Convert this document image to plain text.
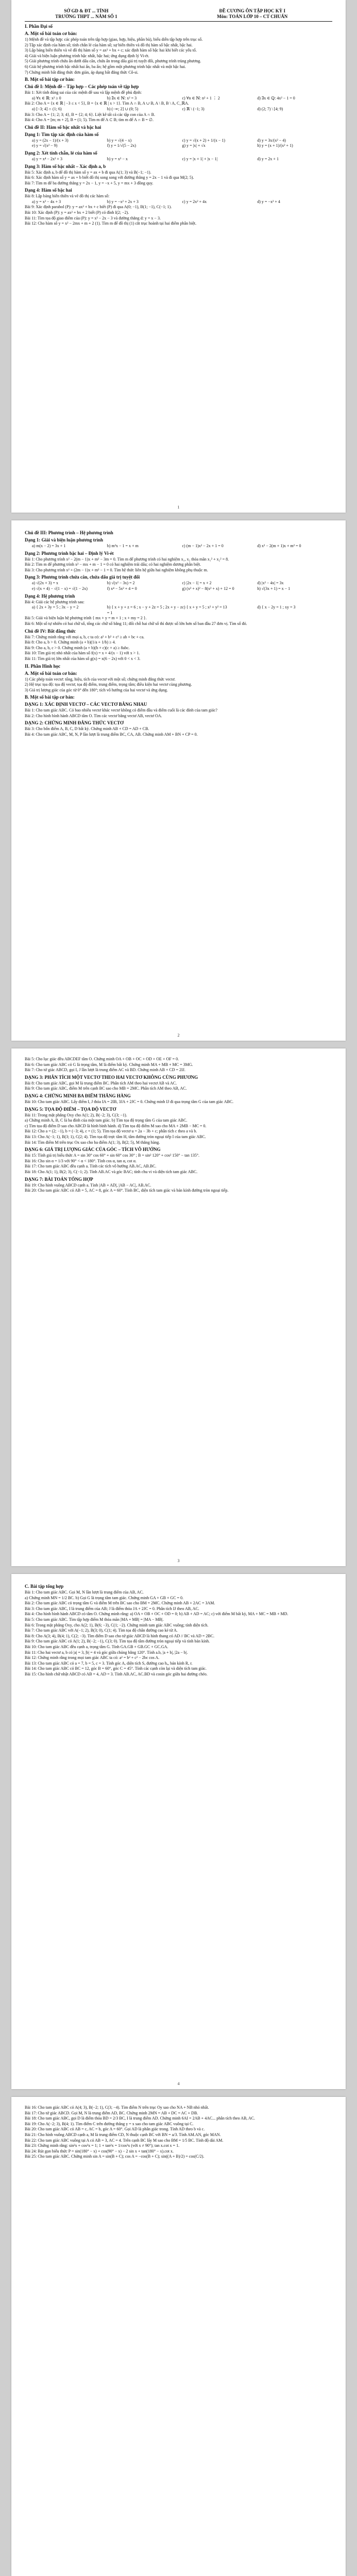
SỞ GD & ĐT ... TỈNH
TRƯỜNG THPT ... NĂM SỐ 1
ĐỀ CƯƠNG ÔN TẬP HỌC KỲ I
Môn: TOÁN LỚP 10 – CT CHUẨN
I. Phần Đại số
A. Một số bài toán cơ bản:

1) Mệnh đề và tập hợp: các phép toán trên tập hợp (giao, hợp, hiệu, phần bù), biểu diễn tập hợp trên trục số.

2) Tập xác định của hàm số; tính chẵn lẻ của hàm số; sự biến thiên và đồ thị hàm số bậc nhất, bậc hai.

3) Lập bảng biến thiên và vẽ đồ thị hàm số y = ax² + bx + c; xác định hàm số bậc hai khi biết các yếu tố.

4) Giải và biện luận phương trình bậc nhất, bậc hai; ứng dụng định lý Vi-ét.

5) Giải phương trình chứa ẩn dưới dấu căn, chứa ẩn trong dấu giá trị tuyệt đối, phương trình trùng phương.

6) Giải hệ phương trình bậc nhất hai ẩn, ba ẩn; hệ gồm một phương trình bậc nhất và một bậc hai.

7) Chứng minh bất đẳng thức đơn giản, áp dụng bất đẳng thức Cô-si.

B. Một số bài tập cơ bản:
Chủ đề I: Mệnh đề – Tập hợp – Các phép toán về tập hợp

Bài 1: Xét tính đúng sai của các mệnh đề sau và lập mệnh đề phủ định:

a) ∀x ∈ ℝ: x² ≥ 0	b) ∃x ∈ ℕ: x² = 3	c) ∀n ∈ ℕ: n² + 1 ⋮ 2	d) ∃x ∈ ℚ: 4x² − 1 = 0

Bài 2: Cho A = {x ∈ ℝ | −3 ≤ x < 5}, B = {x ∈ ℝ | x > 1}. Tìm A ∩ B, A ∪ B, A \ B, B \ A, C_ℝA.

a) [−3; 4] ∩ (1; 6)	b) (−∞; 2] ∪ (0; 5)	c) ℝ \ (−1; 3)	d) (2; 7) \ [4; 9)

Bài 3: Cho A = {1; 2; 3; 4}, B = {2; 4; 6}. Liệt kê tất cả các tập con của A ∩ B.

Bài 4: Cho A = [m; m + 2], B = (1; 5). Tìm m để A ⊂ B; tìm m để A ∩ B = ∅.

Chủ đề II: Hàm số bậc nhất và bậc hai
Dạng 1: Tìm tập xác định của hàm số
a) y = (2x − 1)/(x + 3)	b) y = √(4 − x)	c) y = √(x + 2) + 1/(x − 1)	d) y = 3x/(x² − 4)
e) y = √(x² − 9)	f) y = 1/√(5 − 2x)	g) y = |x| + √x	h) y = (x + 1)/(x² + 1)
Dạng 2: Xét tính chẵn, lẻ của hàm số
a) y = x⁴ − 2x² + 3	b) y = x³ − x	c) y = |x + 1| + |x − 1|	d) y = 2x + 1
Dạng 3: Hàm số bậc nhất – Xác định a, b

Bài 5: Xác định a, b để đồ thị hàm số y = ax + b đi qua A(1; 3) và B(−1; −1).

Bài 6: Xác định hàm số y = ax + b biết đồ thị song song với đường thẳng y = 2x − 1 và đi qua M(2; 5).

Bài 7: Tìm m để ba đường thẳng y = 2x − 1, y = −x + 5, y = mx + 3 đồng quy.

Dạng 4: Hàm số bậc hai

Bài 8: Lập bảng biến thiên và vẽ đồ thị các hàm số:

a) y = x² − 4x + 3	b) y = −x² + 2x + 3	c) y = 2x² + 4x	d) y = −x² + 4

Bài 9: Xác định parabol (P): y = ax² + bx + c biết (P) đi qua A(0; −1), B(1; −1), C(−1; 1).

Bài 10: Xác định (P): y = ax² + bx + 2 biết (P) có đỉnh I(2; −2).

Bài 11: Tìm tọa độ giao điểm của (P): y = x² − 2x − 3 và đường thẳng d: y = x − 3.

Bài 12: Cho hàm số y = x² − 2mx + m + 2 (1). Tìm m để đồ thị (1) cắt trục hoành tại hai điểm phân biệt.

1
Chủ đề III: Phương trình – Hệ phương trình
Dạng 1: Giải và biện luận phương trình
a) m(x − 2) = 3x + 1	b) m²x − 1 = x + m	c) (m − 1)x² − 2x + 1 = 0	d) x² − 2(m + 1)x + m² = 0
Dạng 2: Phương trình bậc hai – Định lý Vi-ét

Bài 1: Cho phương trình x² − 2(m − 1)x + m² − 3m = 0. Tìm m để phương trình có hai nghiệm x₁, x₂ thỏa mãn x₁² + x₂² = 8.

Bài 2: Tìm m để phương trình x² − mx + m − 1 = 0 có hai nghiệm trái dấu; có hai nghiệm dương phân biệt.

Bài 3: Cho phương trình x² + (2m − 1)x + m² − 1 = 0. Tìm hệ thức liên hệ giữa hai nghiệm không phụ thuộc m.

Dạng 3: Phương trình chứa căn, chứa dấu giá trị tuyệt đối
a) √(2x + 3) = x	b) √(x² − 3x) = 2	c) |2x − 1| = x + 2	d) |x² − 4x| = 3x
e) √(x + 4) − √(1 − x) = √(1 − 2x)	f) x⁴ − 5x² + 4 = 0	g) (x² + x)² − 8(x² + x) + 12 = 0	h) √(3x + 1) = x − 1
Dạng 4: Hệ phương trình

Bài 4: Giải các hệ phương trình sau:

a) { 2x + 3y = 5 ; 3x − y = 2	b) { x + y + z = 6 ; x − y + 2z = 5 ; 2x + y − z = 1
c) { x + y = 5 ; x² + y² = 13	d) { x − 2y = 1 ; xy = 3

Bài 5: Giải và biện luận hệ phương trình { mx + y = m + 1 ; x + my = 2 }.

Bài 6: Một số tự nhiên có hai chữ số, tổng các chữ số bằng 11; đổi chỗ hai chữ số thì được số lớn hơn số ban đầu 27 đơn vị. Tìm số đó.

Chủ đề IV: Bất đẳng thức

Bài 7: Chứng minh rằng với mọi a, b, c ta có: a² + b² + c² ≥ ab + bc + ca.

Bài 8: Cho a, b > 0. Chứng minh (a + b)(1/a + 1/b) ≥ 4.

Bài 9: Cho a, b, c > 0. Chứng minh (a + b)(b + c)(c + a) ≥ 8abc.

Bài 10: Tìm giá trị nhỏ nhất của hàm số f(x) = x + 4/(x − 1) với x > 1.

Bài 11: Tìm giá trị lớn nhất của hàm số g(x) = x(6 − 2x) với 0 < x < 3.

II. Phần Hình học
A. Một số bài toán cơ bản:

1) Các phép toán vectơ: tổng, hiệu, tích của vectơ với một số; chứng minh đẳng thức vectơ.

2) Hệ trục tọa độ: tọa độ vectơ, tọa độ điểm, trung điểm, trọng tâm; điều kiện hai vectơ cùng phương.

3) Giá trị lượng giác của góc từ 0° đến 180°; tích vô hướng của hai vectơ và ứng dụng.

B. Một số bài tập cơ bản:
DẠNG 1: XÁC ĐỊNH VECTƠ – CÁC VECTƠ BẰNG NHAU

Bài 1: Cho tam giác ABC. Có bao nhiêu vectơ khác vectơ không có điểm đầu và điểm cuối là các đỉnh của tam giác?

Bài 2: Cho hình bình hành ABCD tâm O. Tìm các vectơ bằng vectơ AB, vectơ OA.

DẠNG 2: CHỨNG MINH ĐẲNG THỨC VECTƠ

Bài 3: Cho bốn điểm A, B, C, D bất kỳ. Chứng minh AB + CD = AD + CB.

Bài 4: Cho tam giác ABC, M, N, P lần lượt là trung điểm BC, CA, AB. Chứng minh AM + BN + CP = 0.

2

Bài 5: Cho lục giác đều ABCDEF tâm O. Chứng minh OA + OB + OC + OD + OE + OF = 0.

Bài 6: Cho tam giác ABC có G là trọng tâm, M là điểm bất kỳ. Chứng minh MA + MB + MC = 3MG.

Bài 7: Cho tứ giác ABCD, gọi I, J lần lượt là trung điểm AC và BD. Chứng minh AB + CD = 2IJ.

DẠNG 3: PHÂN TÍCH MỘT VECTƠ THEO HAI VECTƠ KHÔNG CÙNG PHƯƠNG

Bài 8: Cho tam giác ABC, gọi M là trung điểm BC. Phân tích AM theo hai vectơ AB và AC.

Bài 9: Cho tam giác ABC, điểm M trên cạnh BC sao cho MB = 2MC. Phân tích AM theo AB, AC.

DẠNG 4: CHỨNG MINH BA ĐIỂM THẲNG HÀNG

Bài 10: Cho tam giác ABC. Lấy điểm I, J thỏa IA = 2IB, 3JA + 2JC = 0. Chứng minh IJ đi qua trọng tâm G của tam giác ABC.

DẠNG 5: TỌA ĐỘ ĐIỂM – TỌA ĐỘ VECTƠ

Bài 11: Trong mặt phẳng Oxy cho A(1; 2), B(−2; 3), C(3; −1).

a) Chứng minh A, B, C là ba đỉnh của một tam giác. b) Tìm tọa độ trọng tâm G của tam giác ABC.

c) Tìm tọa độ điểm D sao cho ABCD là hình bình hành. d) Tìm tọa độ điểm M sao cho MA + 2MB − MC = 0.

Bài 12: Cho a = (2; −1), b = (−3; 4), c = (1; 5). Tìm tọa độ vectơ u = 2a − 3b + c; phân tích c theo a và b.

Bài 13: Cho A(−1; 1), B(3; 1), C(2; 4). Tìm tọa độ trực tâm H, tâm đường tròn ngoại tiếp I của tam giác ABC.

Bài 14: Tìm điểm M trên trục Ox sao cho ba điểm A(1; 3), B(2; 5), M thẳng hàng.

DẠNG 6: GIÁ TRỊ LƯỢNG GIÁC CỦA GÓC – TÍCH VÔ HƯỚNG

Bài 15: Tính giá trị biểu thức A = sin 30° cos 60° + sin 60° cos 30° ; B = sin² 120° + cos² 150° − tan 135°.

Bài 16: Cho sin α = 1/3 với 90° < α < 180°. Tính cos α, tan α, cot α.

Bài 17: Cho tam giác ABC đều cạnh a. Tính các tích vô hướng AB.AC, AB.BC.

Bài 18: Cho A(1; 1), B(2; 3), C(−1; 2). Tính AB.AC và góc BAC; tính chu vi và diện tích tam giác ABC.

DẠNG 7: BÀI TOÁN TỔNG HỢP

Bài 19: Cho hình vuông ABCD cạnh a. Tính |AB + AD|, |AB − AC|, AB.AC.

Bài 20: Cho tam giác ABC có AB = 5, AC = 8, góc A = 60°. Tính BC, diện tích tam giác và bán kính đường tròn ngoại tiếp.

3
C. Bài tập tổng hợp

Bài 1: Cho tam giác ABC. Gọi M, N lần lượt là trung điểm của AB, AC.

a) Chứng minh MN = 1/2 BC. b) Gọi G là trọng tâm tam giác. Chứng minh GA + GB + GC = 0.

Bài 2: Cho tam giác ABC có trọng tâm G và điểm M trên BC sao cho BM = 2MC. Chứng minh AB + 2AC = 3AM.

Bài 3: Cho tam giác ABC, I là trung điểm của AB; J là điểm thỏa JA + 2JC = 0. Phân tích IJ theo AB, AC.

Bài 4: Cho hình bình hành ABCD có tâm O. Chứng minh rằng: a) OA + OB + OC + OD = 0; b) AB + AD = AC; c) với điểm M bất kỳ, MA + MC = MB + MD.

Bài 5: Cho tam giác ABC. Tìm tập hợp điểm M thỏa mãn |MA + MB| = |MA − MB|.

Bài 6: Trong mặt phẳng Oxy, cho A(2; 1), B(6; −3), C(1; −2). Chứng minh tam giác ABC vuông; tính diện tích.

Bài 7: Cho tam giác ABC với A(−1; 2), B(3; 0), C(1; 4). Tìm tọa độ chân đường cao kẻ từ A.

Bài 8: Cho A(3; 4), B(4; 1), C(2; −3). Tìm điểm D sao cho tứ giác ABCD là hình thang có AD // BC và AD = 2BC.

Bài 9: Cho tam giác ABC có A(1; 2), B(−2; −1), C(3; 0). Tìm tọa độ tâm đường tròn ngoại tiếp và tính bán kính.

Bài 10: Cho tam giác ABC đều cạnh a, trọng tâm G. Tính GA.GB + GB.GC + GC.GA.

Bài 11: Cho hai vectơ a, b có |a| = 3, |b| = 4 và góc giữa chúng bằng 120°. Tính a.b, |a + b|, |2a − b|.

Bài 12: Chứng minh rằng trong mọi tam giác ABC ta có: a² = b² + c² − 2bc cos A.

Bài 13: Cho tam giác ABC có a = 7, b = 5, c = 3. Tính góc A, diện tích S, đường cao hₐ, bán kính R, r.

Bài 14: Cho tam giác ABC có BC = 12, góc B = 60°, góc C = 45°. Tính các cạnh còn lại và diện tích tam giác.

Bài 15: Cho hình chữ nhật ABCD có AB = 4, AD = 3. Tính AB.AC, AC.BD và cosin góc giữa hai đường chéo.

4

Bài 16: Cho tam giác ABC có A(4; 3), B(−2; 1), C(3; −4). Tìm điểm N trên trục Oy sao cho NA + NB nhỏ nhất.

Bài 17: Cho tứ giác ABCD. Gọi M, N là trung điểm AD, BC. Chứng minh 2MN = AB + DC = AC + DB.

Bài 18: Cho tam giác ABC, gọi D là điểm thỏa BD = 2/3 BC, I là trung điểm AD. Chứng minh 6AI = 2AB + 4AC... phân tích theo AB, AC.

Bài 19: Cho A(−2; 3), B(4; 1). Tìm điểm C trên đường thẳng y = x sao cho tam giác ABC vuông tại C.

Bài 20: Cho tam giác ABC có AB = c, AC = b, góc A = 60°. Gọi AD là phân giác trong. Tính AD theo b và c.

Bài 21: Cho hình vuông ABCD cạnh a, M là trung điểm CD, N thuộc cạnh BC với BN = a/3. Tính AM.AN, góc MAN.

Bài 22: Cho tam giác ABC vuông tại A có AB = 3, AC = 4. Trên cạnh BC lấy M sao cho BM = 1/5 BC. Tính độ dài AM.

Bài 23: Chứng minh rằng: sin²x + cos²x = 1; 1 + tan²x = 1/cos²x (với x ≠ 90°); tan x.cot x = 1.

Bài 24: Rút gọn biểu thức P = sin(180° − x) + cos(90° − x) − 2 sin x + tan(180° − x).cot x.

Bài 25: Cho tam giác ABC. Chứng minh sin A = sin(B + C); cos A = −cos(B + C); sin((A + B)/2) = cos(C/2).
